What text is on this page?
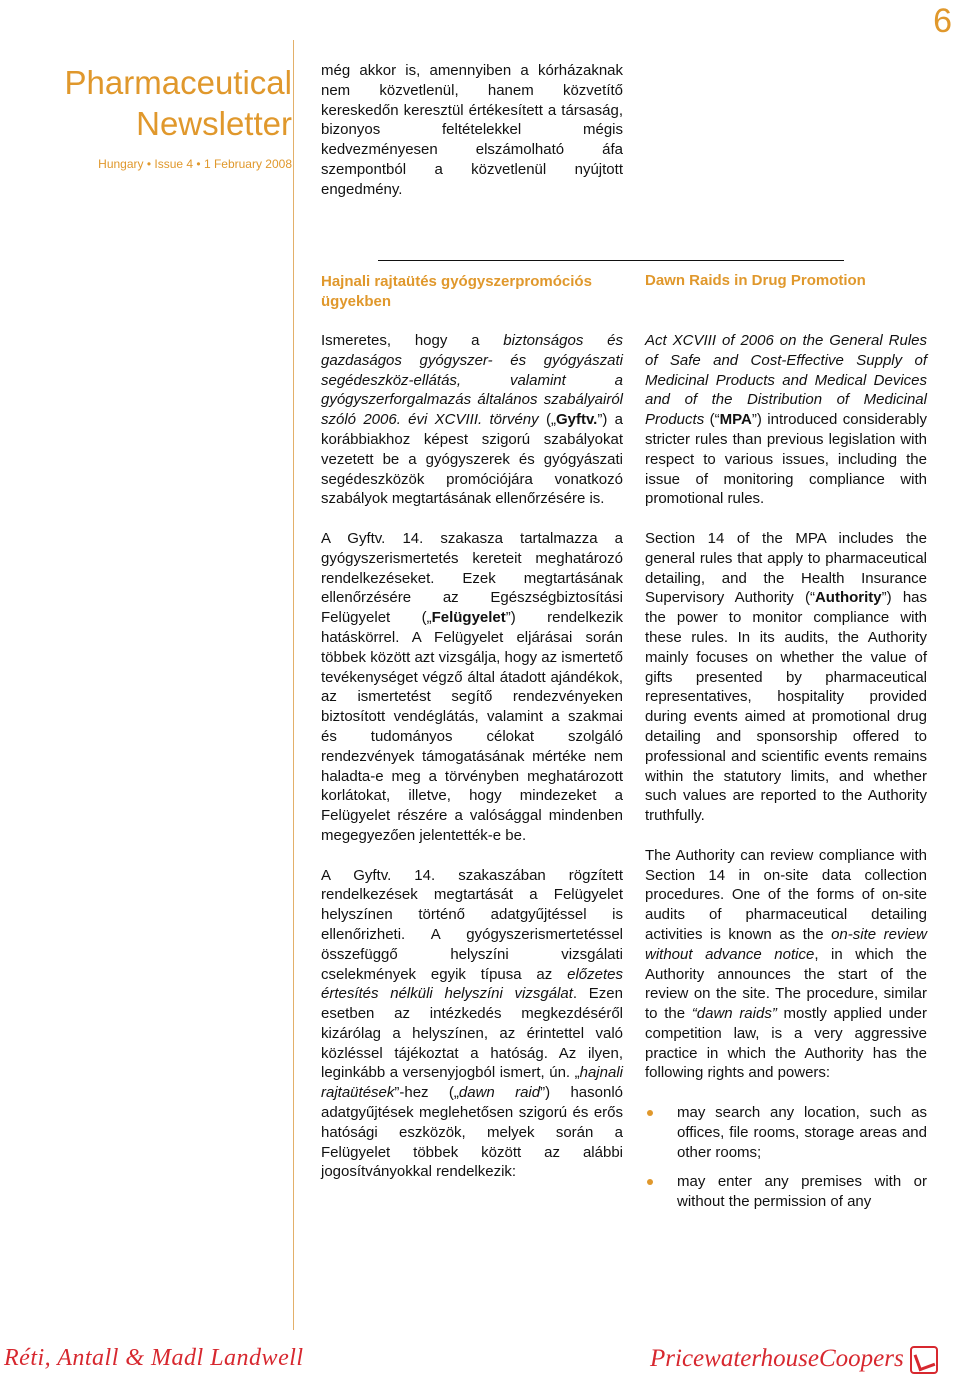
6
Pharmaceutical
Newsletter
Hungary • Issue 4 • 1 February 2008

még akkor is, amennyiben a kórházaknak nem közvetlenül, hanem közvetítő kereskedőn keresztül értékesített a társaság, bizonyos feltételekkel mégis kedvezményesen elszámolható áfa szempontból a közvetlenül nyújtott engedmény.

Hajnali rajtaütés gyógyszerpromóciós ügyekben
Dawn Raids in Drug Promotion

Ismeretes, hogy a biztonságos és gazdaságos gyógyszer- és gyógyászati segédeszköz-ellátás, valamint a gyógyszerforgalmazás általános szabályairól szóló 2006. évi XCVIII. törvény („Gyftv.”) a korábbiakhoz képest szigorú szabályokat vezetett be a gyógyszerek és gyógyászati segédeszközök promóciójára vonatkozó szabályok megtartásának ellenőrzésére is.

A Gyftv. 14. szakasza tartalmazza a gyógyszerismertetés kereteit meghatározó rendelkezéseket. Ezek megtartásának ellenőrzésére az Egészségbiztosítási Felügyelet („Felügyelet”) rendelkezik hatáskörrel. A Felügyelet eljárásai során többek között azt vizsgálja, hogy az ismertető tevékenységet végző által átadott ajándékok, az ismertetést segítő rendezvényeken biztosított vendéglátás, valamint a szakmai és tudományos célokat szolgáló rendezvények támogatásának mértéke nem haladta-e meg a törvényben meghatározott korlátokat, illetve, hogy mindezeket a Felügyelet részére a valósággal mindenben megegyezően jelentették-e be.

A Gyftv. 14. szakaszában rögzített rendelkezések megtartását a Felügyelet helyszínen történő adatgyűjtéssel is ellenőrizheti. A gyógyszerismertetéssel összefüggő helyszíni vizsgálati cselekmények egyik típusa az előzetes értesítés nélküli helyszíni vizsgálat. Ezen esetben az intézkedés megkezdéséről kizárólag a helyszínen, az érintettel való közléssel tájékoztat a hatóság. Az ilyen, leginkább a versenyjogból ismert, ún. „hajnali rajtaütések”-hez („dawn raid”) hasonló adatgyűjtések meglehetősen szigorú és erős hatósági eszközök, melyek során a Felügyelet többek között az alábbi jogosítványokkal rendelkezik:

Act XCVIII of 2006 on the General Rules of Safe and Cost-Effective Supply of Medicinal Products and Medical Devices and of the Distribution of Medicinal Products (“MPA”) introduced considerably stricter rules than previous legislation with respect to various issues, including the issue of monitoring compliance with promotional rules.

Section 14 of the MPA includes the general rules that apply to pharmaceutical detailing, and the Health Insurance Supervisory Authority (“Authority”) has the power to monitor compliance with these rules. In its audits, the Authority mainly focuses on whether the value of gifts presented by pharmaceutical representatives, hospitality provided during events aimed at promotional drug detailing and sponsorship offered to professional and scientific events remains within the statutory limits, and whether such values are reported to the Authority truthfully.

The Authority can review compliance with Section 14 in on-site data collection procedures. One of the forms of on-site audits of pharmaceutical detailing activities is known as the on-site review without advance notice, in which the Authority announces the start of the review on the site. The procedure, similar to the “dawn raids” mostly applied under competition law, is a very aggressive practice in which the Authority has the following rights and powers:

may search any location, such as offices, file rooms, storage areas and other rooms;
may enter any premises with or without the permission of any
Réti, Antall & Madl Landwell	PricewaterhouseCoopers
